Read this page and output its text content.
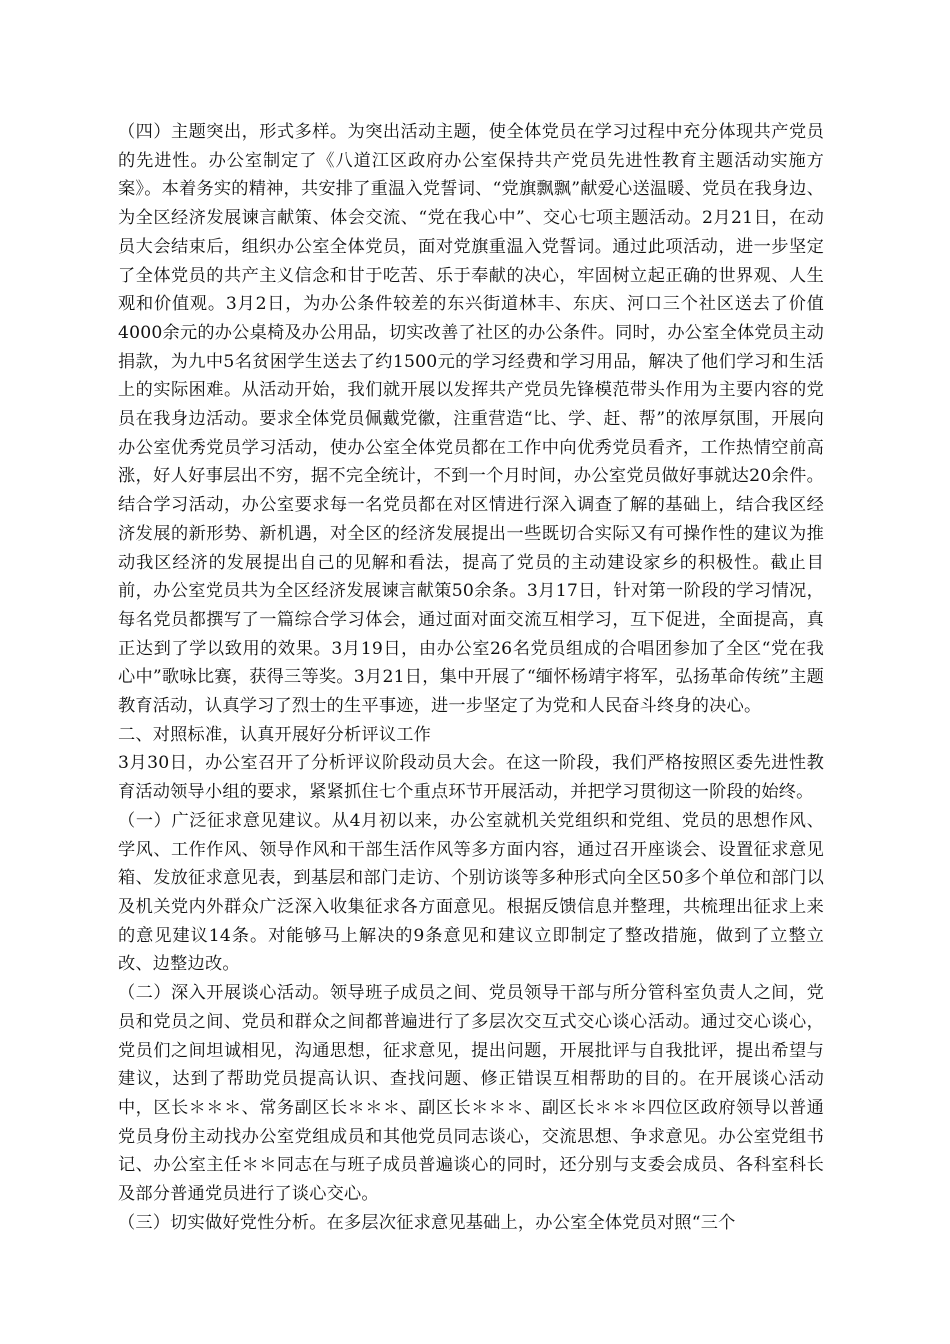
（四）主题突出，形式多样。为突出活动主题，使全体党员在学习过程中充分体现共产党员的先进性。办公室制定了《八道江区政府办公室保持共产党员先进性教育主题活动实施方案》。本着务实的精神，共安排了重温入党誓词、“党旗飘飘”献爱心送温暖、党员在我身边、为全区经济发展谏言献策、体会交流、“党在我心中”、交心七项主题活动。2月21日，在动员大会结束后，组织办公室全体党员，面对党旗重温入党誓词。通过此项活动，进一步坚定了全体党员的共产主义信念和甘于吃苦、乐于奉献的决心，牢固树立起正确的世界观、人生观和价值观。3月2日，为办公条件较差的东兴街道林丰、东庆、河口三个社区送去了价值4000余元的办公桌椅及办公用品，切实改善了社区的办公条件。同时，办公室全体党员主动捐款，为九中5名贫困学生送去了约1500元的学习经费和学习用品，解决了他们学习和生活上的实际困难。从活动开始，我们就开展以发挥共产党员先锋模范带头作用为主要内容的党员在我身边活动。要求全体党员佩戴党徽，注重营造“比、学、赶、帮”的浓厚氛围，开展向办公室优秀党员学习活动，使办公室全体党员都在工作中向优秀党员看齐，工作热情空前高涨，好人好事层出不穷，据不完全统计，不到一个月时间，办公室党员做好事就达20余件。结合学习活动，办公室要求每一名党员都在对区情进行深入调查了解的基础上，结合我区经济发展的新形势、新机遇，对全区的经济发展提出一些既切合实际又有可操作性的建议为推动我区经济的发展提出自己的见解和看法，提高了党员的主动建设家乡的积极性。截止目前，办公室党员共为全区经济发展谏言献策50余条。3月17日，针对第一阶段的学习情况，每名党员都撰写了一篇综合学习体会，通过面对面交流互相学习，互下促进，全面提高，真正达到了学以致用的效果。3月19日，由办公室26名党员组成的合唱团参加了全区“党在我心中”歌咏比赛，获得三等奖。3月21日，集中开展了“缅怀杨靖宇将军，弘扬革命传统”主题教育活动，认真学习了烈士的生平事迹，进一步坚定了为党和人民奋斗终身的决心。

二、对照标准，认真开展好分析评议工作

3月30日，办公室召开了分析评议阶段动员大会。在这一阶段，我们严格按照区委先进性教育活动领导小组的要求，紧紧抓住七个重点环节开展活动，并把学习贯彻这一阶段的始终。

（一）广泛征求意见建议。从4月初以来，办公室就机关党组织和党组、党员的思想作风、学风、工作作风、领导作风和干部生活作风等多方面内容，通过召开座谈会、设置征求意见箱、发放征求意见表，到基层和部门走访、个别访谈等多种形式向全区50多个单位和部门以及机关党内外群众广泛深入收集征求各方面意见。根据反馈信息并整理，共梳理出征求上来的意见建议14条。对能够马上解决的9条意见和建议立即制定了整改措施，做到了立整立改、边整边改。

（二）深入开展谈心活动。领导班子成员之间、党员领导干部与所分管科室负责人之间，党员和党员之间、党员和群众之间都普遍进行了多层次交互式交心谈心活动。通过交心谈心，党员们之间坦诚相见，沟通思想，征求意见，提出问题，开展批评与自我批评，提出希望与建议，达到了帮助党员提高认识、查找问题、修正错误互相帮助的目的。在开展谈心活动中，区长＊＊＊、常务副区长＊＊＊、副区长＊＊＊、副区长＊＊＊四位区政府领导以普通党员身份主动找办公室党组成员和其他党员同志谈心，交流思想、争求意见。办公室党组书记、办公室主任＊＊同志在与班子成员普遍谈心的同时，还分别与支委会成员、各科室科长及部分普通党员进行了谈心交心。

（三）切实做好党性分析。在多层次征求意见基础上，办公室全体党员对照“三个
